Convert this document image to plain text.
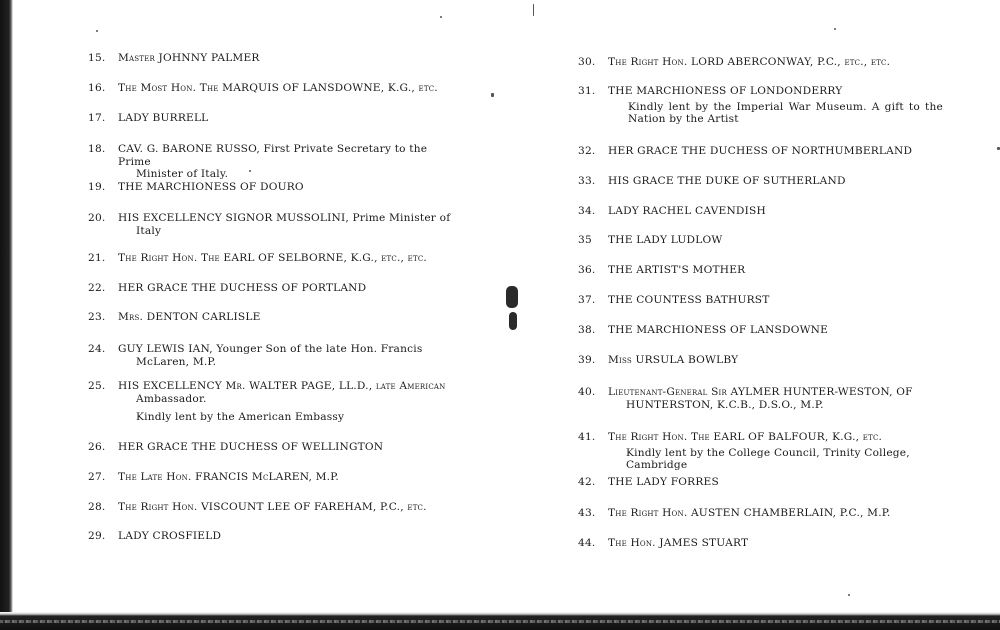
15.	Master JOHNNY PALMER
16.	The Most Hon. The MARQUIS OF LANSDOWNE, K.G., etc.
17.	LADY BURRELL
18.	CAV. G. BARONE RUSSO, First Private Secretary to the Prime
Minister of Italy.
19.	THE MARCHIONESS OF DOURO
20.	HIS EXCELLENCY SIGNOR MUSSOLINI, Prime Minister of
Italy
21.	The Right Hon. The EARL OF SELBORNE, K.G., etc., etc.
22.	HER GRACE THE DUCHESS OF PORTLAND
23.	Mrs. DENTON CARLISLE
24.	GUY LEWIS IAN, Younger Son of the late Hon. Francis
McLaren, M.P.
25.	HIS EXCELLENCY Mr. WALTER PAGE, LL.D., late American
Ambassador.
Kindly lent by the American Embassy
26.	HER GRACE THE DUCHESS OF WELLINGTON
27.	The Late Hon. FRANCIS McLAREN, M.P.
28.	The Right Hon. VISCOUNT LEE OF FAREHAM, P.C., etc.
29.	LADY CROSFIELD
30.	The Right Hon. LORD ABERCONWAY, P.C., etc., etc.
31.	THE MARCHIONESS OF LONDONDERRY
Kindly lent by the Imperial War Museum. A gift to the Nation by the Artist
32.	HER GRACE THE DUCHESS OF NORTHUMBERLAND
33.	HIS GRACE THE DUKE OF SUTHERLAND
34.	LADY RACHEL CAVENDISH
35	THE LADY LUDLOW
36.	THE ARTIST'S MOTHER
37.	THE COUNTESS BATHURST
38.	THE MARCHIONESS OF LANSDOWNE
39.	Miss URSULA BOWLBY
40.	Lieutenant-General Sir AYLMER HUNTER-WESTON, OF
HUNTERSTON, K.C.B., D.S.O., M.P.
41.	The Right Hon. The EARL OF BALFOUR, K.G., etc.
Kindly lent by the College Council, Trinity College, Cambridge
42.	THE LADY FORRES
43.	The Right Hon. AUSTEN CHAMBERLAIN, P.C., M.P.
44.	The Hon. JAMES STUART
